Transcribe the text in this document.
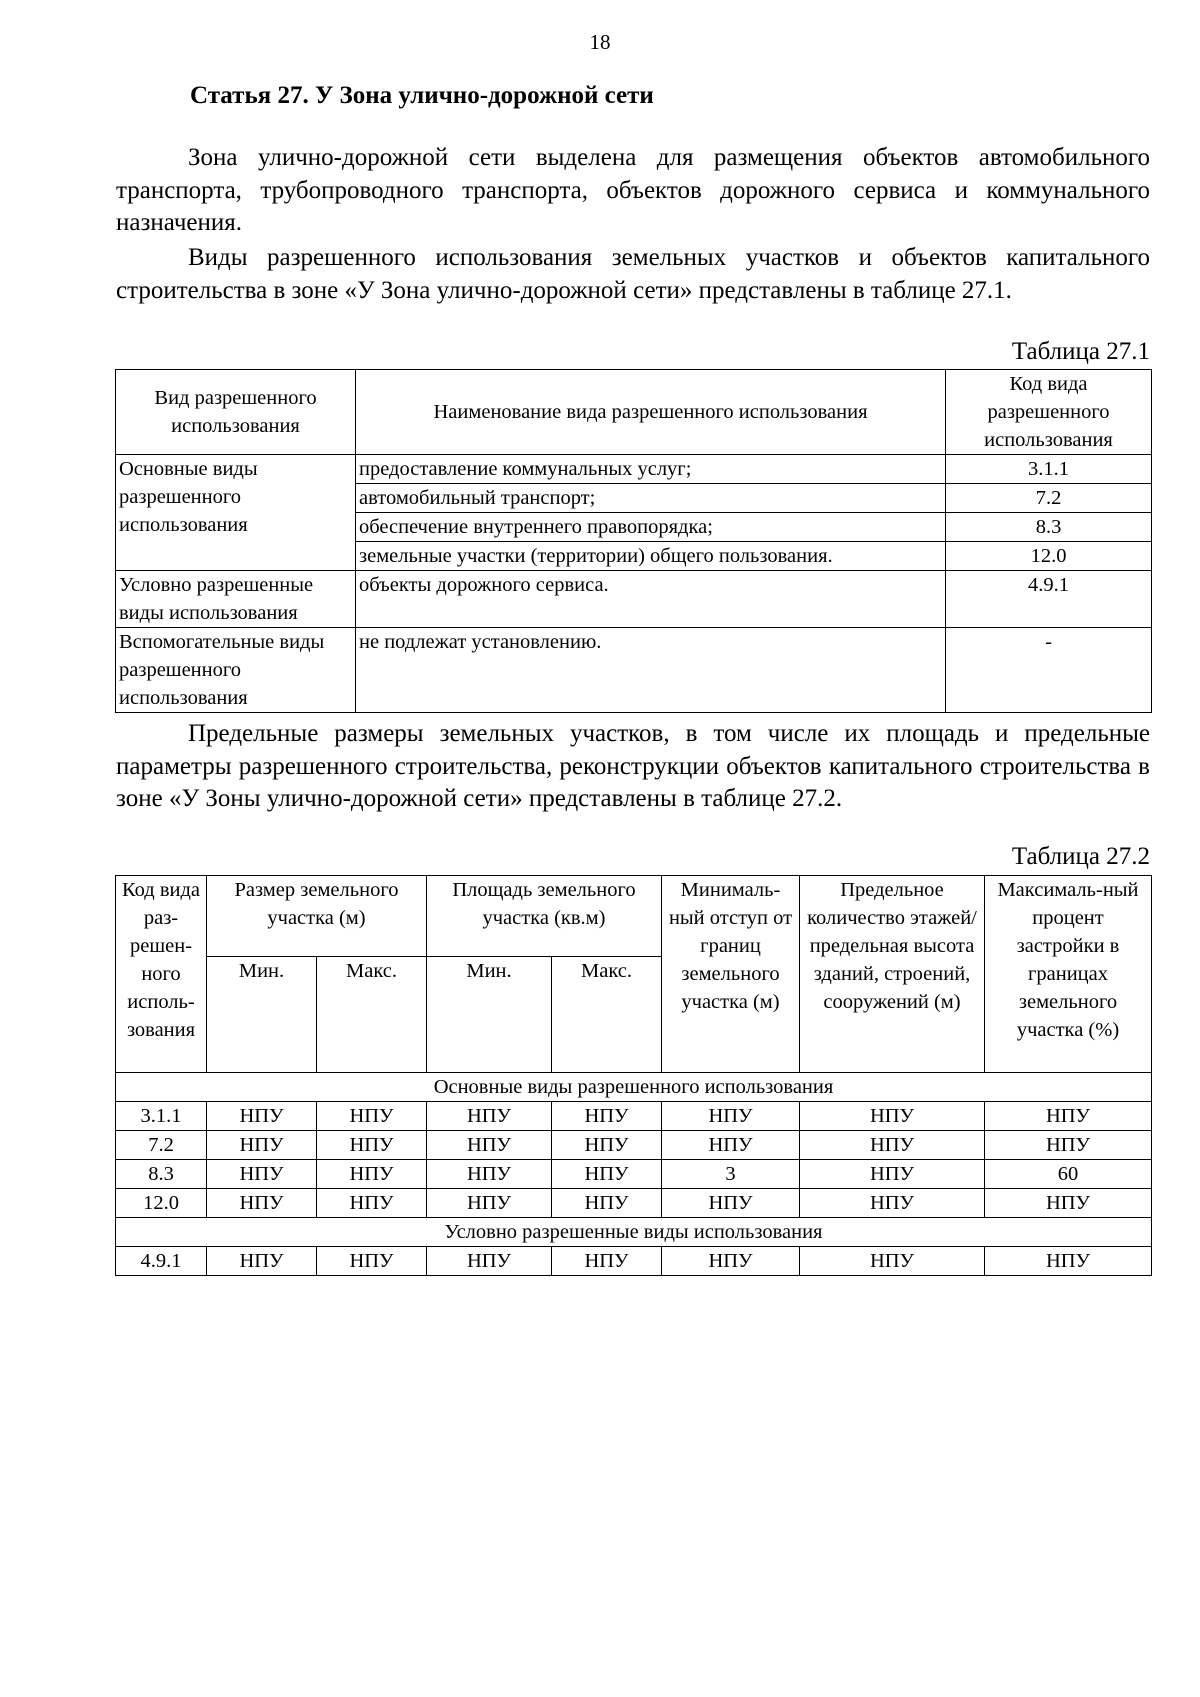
18
Статья 27. У Зона улично-дорожной сети

Зона улично-дорожной сети выделена для размещения объектов автомобильного транспорта, трубопроводного транспорта, объектов дорожного сервиса и коммунального назначения.

Виды разрешенного использования земельных участков и объектов капитального строительства в зоне «У Зона улично-дорожной сети» представлены в таблице 27.1.

Таблица 27.1
Вид разрешенного использования	Наименование вида разрешенного использования	Код вида разрешенного использования
Основные виды разрешенного использования	предоставление коммунальных услуг;	3.1.1
	автомобильный транспорт;	7.2
	обеспечение внутреннего правопорядка;	8.3
	земельные участки (территории) общего пользования.	12.0
Условно разрешенные виды использования	объекты дорожного сервиса.	4.9.1
Вспомогательные виды разрешенного использования	не подлежат установлению.	-

Предельные размеры земельных участков, в том числе их площадь и предельные параметры разрешенного строительства, реконструкции объектов капитального строительства в зоне «У Зоны улично-дорожной сети» представлены в таблице 27.2.

Таблица 27.2
Код вида раз-решен-ного исполь-зования	Размер земельного участка (м)		Площадь земельного участка (кв.м)		Минималь-ный отступ от границ земельного участка (м)	Предельное количество этажей/ предельная высота зданий, строений, сооружений (м)	Максималь-ный процент застройки в границах земельного участка (%)
	Мин.	Макс.	Мин.	Макс.			
Основные виды разрешенного использования							
3.1.1	НПУ	НПУ	НПУ	НПУ	НПУ	НПУ	НПУ
7.2	НПУ	НПУ	НПУ	НПУ	НПУ	НПУ	НПУ
8.3	НПУ	НПУ	НПУ	НПУ	3	НПУ	60
12.0	НПУ	НПУ	НПУ	НПУ	НПУ	НПУ	НПУ
Условно разрешенные виды использования							
4.9.1	НПУ	НПУ	НПУ	НПУ	НПУ	НПУ	НПУ
